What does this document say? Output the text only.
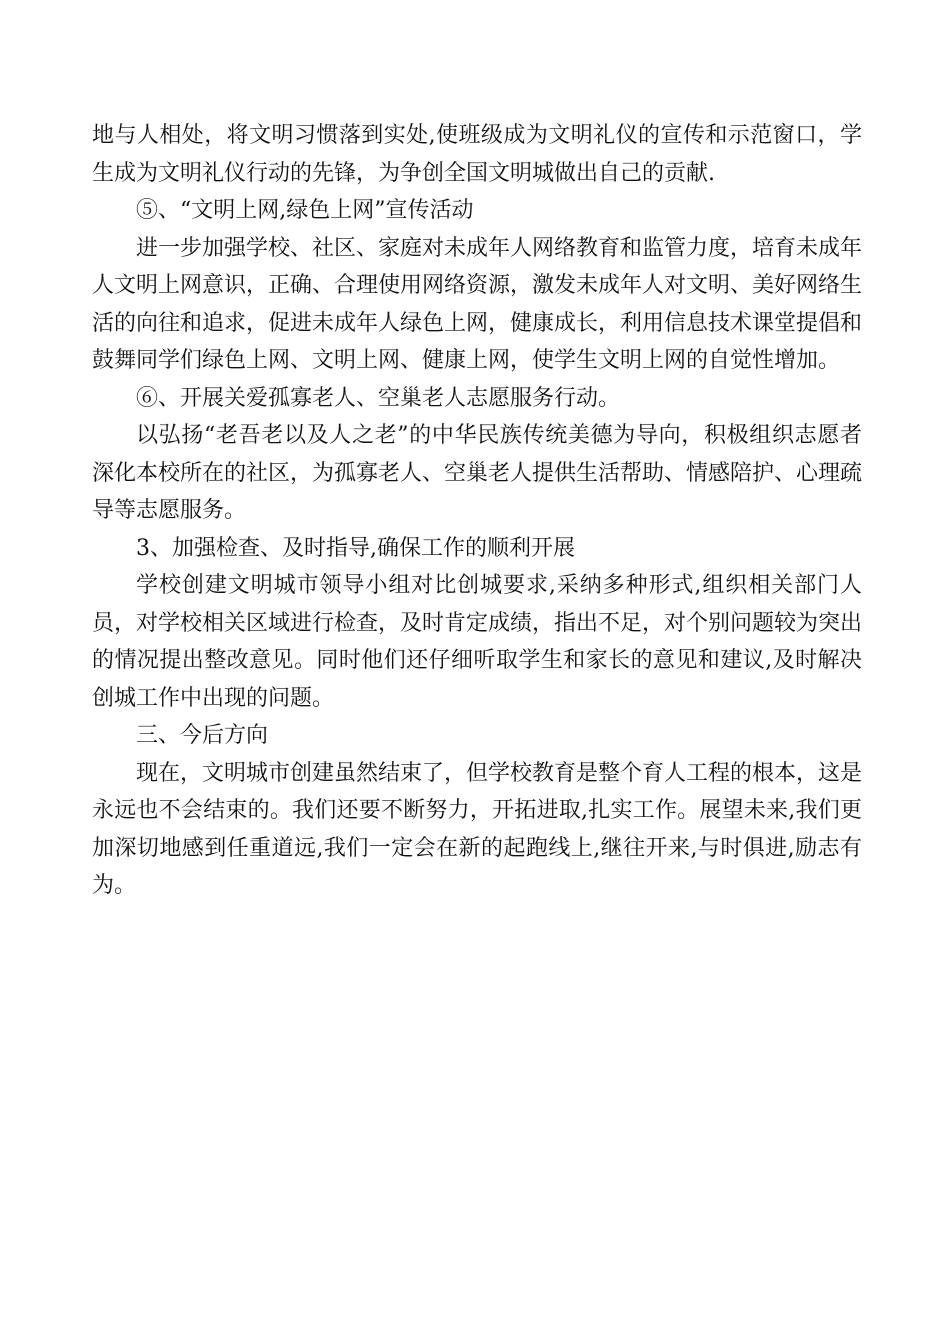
地与人相处，将文明习惯落到实处,使班级成为文明礼仪的宣传和示范窗口，学生成为文明礼仪行动的先锋，为争创全国文明城做出自己的贡献.

⑤、“文明上网,绿色上网”宣传活动

进一步加强学校、社区、家庭对未成年人网络教育和监管力度，培育未成年人文明上网意识，正确、合理使用网络资源，激发未成年人对文明、美好网络生活的向往和追求，促进未成年人绿色上网，健康成长，利用信息技术课堂提倡和鼓舞同学们绿色上网、文明上网、健康上网，使学生文明上网的自觉性增加。

⑥、开展关爱孤寡老人、空巢老人志愿服务行动。

以弘扬“老吾老以及人之老”的中华民族传统美德为导向，积极组织志愿者深化本校所在的社区，为孤寡老人、空巢老人提供生活帮助、情感陪护、心理疏导等志愿服务。

3、加强检查、及时指导,确保工作的顺利开展

学校创建文明城市领导小组对比创城要求,采纳多种形式,组织相关部门人员，对学校相关区域进行检查，及时肯定成绩，指出不足，对个别问题较为突出的情况提出整改意见。同时他们还仔细听取学生和家长的意见和建议,及时解决创城工作中出现的问题。

三、今后方向

现在，文明城市创建虽然结束了，但学校教育是整个育人工程的根本，这是永远也不会结束的。我们还要不断努力，开拓进取,扎实工作。展望未来,我们更加深切地感到任重道远,我们一定会在新的起跑线上,继往开来,与时俱进,励志有为。
